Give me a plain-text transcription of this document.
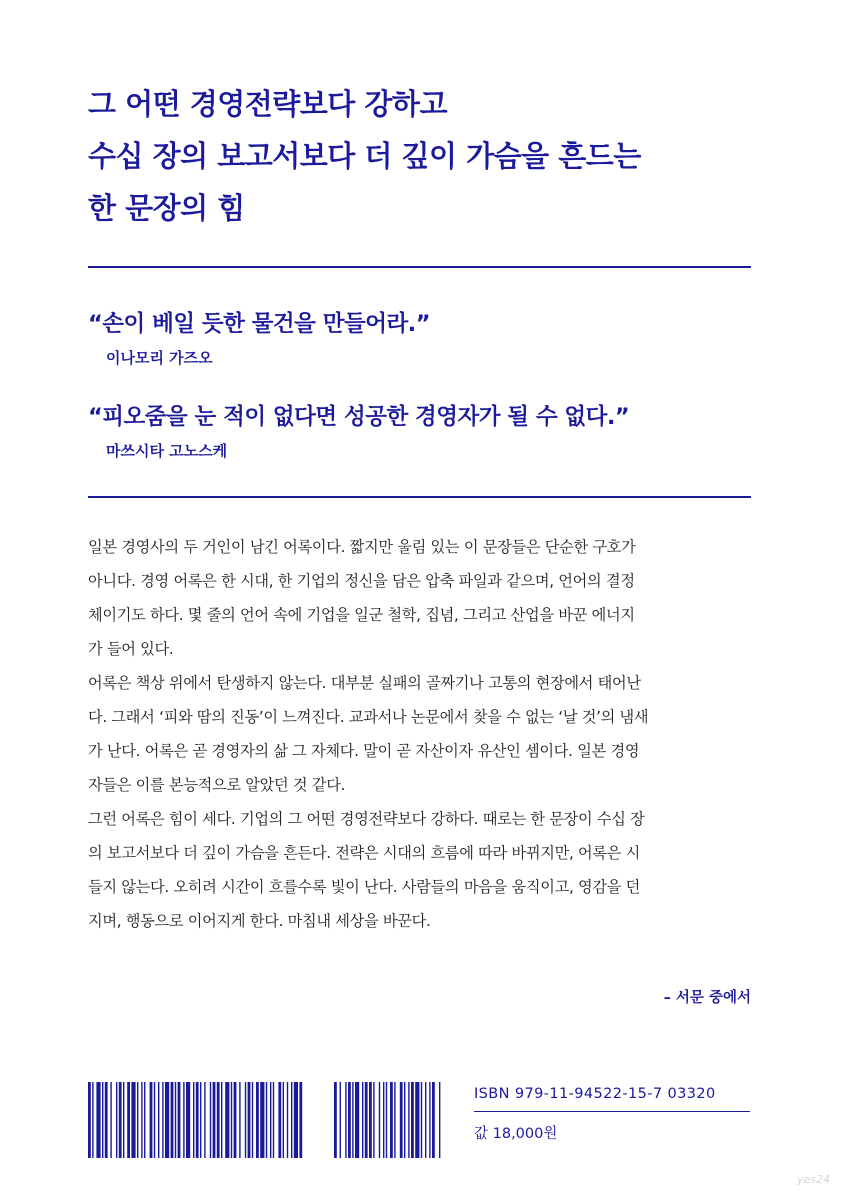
그 어떤 경영전략보다 강하고
수십 장의 보고서보다 더 깊이 가슴을 흔드는
한 문장의 힘
“손이 베일 듯한 물건을 만들어라.”
이나모리 가즈오
“피오줌을 눈 적이 없다면 성공한 경영자가 될 수 없다.”
마쓰시타 고노스케

일본 경영사의 두 거인이 남긴 어록이다. 짧지만 울림 있는 이 문장들은 단순한 구호가
아니다. 경영 어록은 한 시대, 한 기업의 정신을 담은 압축 파일과 같으며, 언어의 결정
체이기도 하다. 몇 줄의 언어 속에 기업을 일군 철학, 집념, 그리고 산업을 바꾼 에너지
가 들어 있다.

어록은 책상 위에서 탄생하지 않는다. 대부분 실패의 골짜기나 고통의 현장에서 태어난
다. 그래서 ‘피와 땀의 진동’이 느껴진다. 교과서나 논문에서 찾을 수 없는 ‘날 것’의 냄새
가 난다. 어록은 곧 경영자의 삶 그 자체다. 말이 곧 자산이자 유산인 셈이다. 일본 경영
자들은 이를 본능적으로 알았던 것 같다.

그런 어록은 힘이 세다. 기업의 그 어떤 경영전략보다 강하다. 때로는 한 문장이 수십 장
의 보고서보다 더 깊이 가슴을 흔든다. 전략은 시대의 흐름에 따라 바뀌지만, 어록은 시
들지 않는다. 오히려 시간이 흐를수록 빛이 난다. 사람들의 마음을 움직이고, 영감을 던
지며, 행동으로 이어지게 한다. 마침내 세상을 바꾼다.

– 서문 중에서
ISBN 979-11-94522-15-7 03320
값 18,000원
yes24
